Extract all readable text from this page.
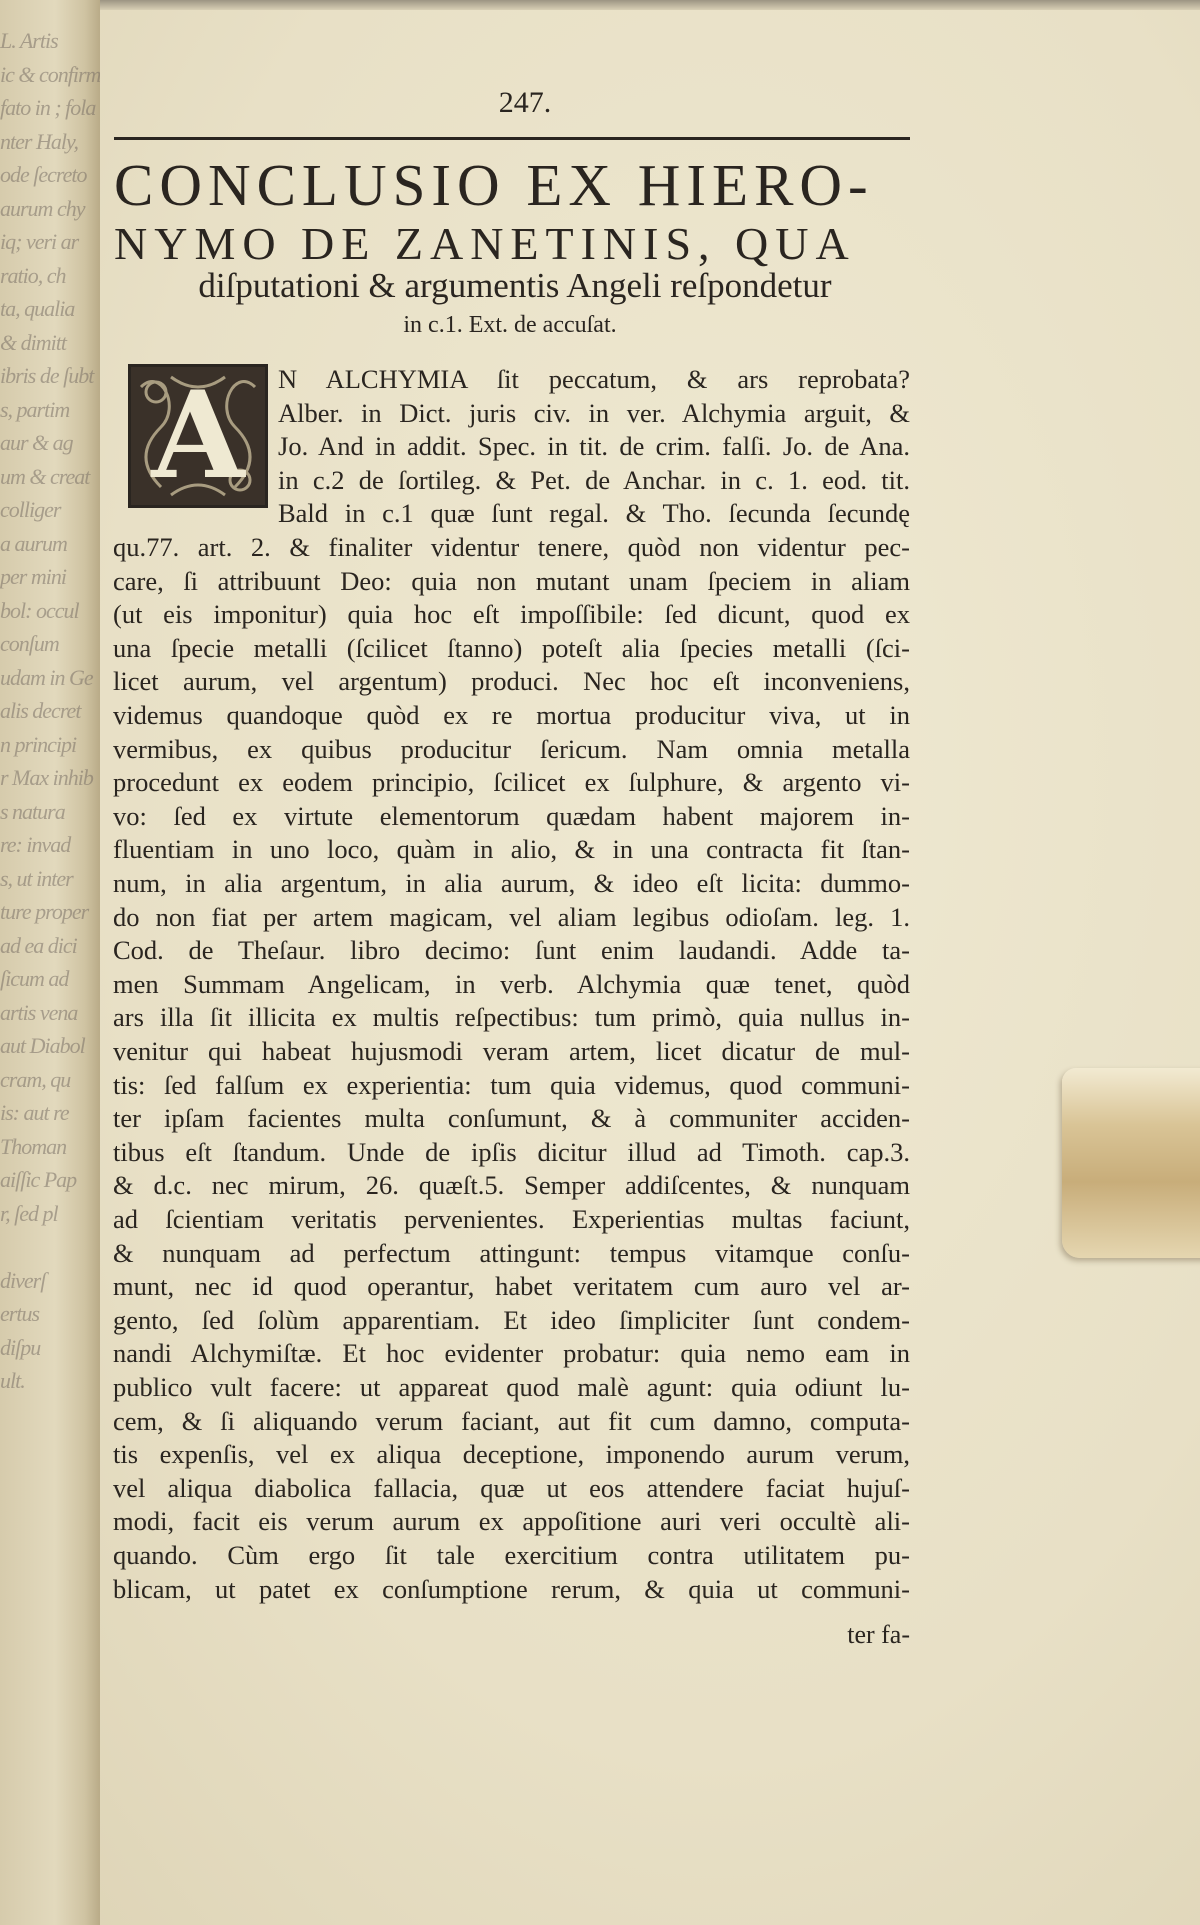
L. Artis
ic & confirm
fato in ; fola
nter Haly,
ode ſecreto
aurum chy
iq; veri ar
ratio, ch
ta, qualia
& dimitt
ibris de ſubt
s, partim
aur & ag
um & creat
colliger
a aurum
per mini
bol: occul
conſum
udam in Ge
alis decret
n principi
r Max inhib
s natura
re: invad
s, ut inter
ture proper
ad ea dici
ſicum ad
artis vena
aut Diabol
cram, qu
is: aut re
Thoman
aiſſic Pap
r, ſed pl
diverſ
ertus
diſpu
ult.
247.
CONCLUSIO EX HIERO-
NYMO DE ZANETINIS, QUA
diſputationi & argumentis Angeli reſpondetur
in c.1. Ext. de accuſat.
A N ALCHYMIA ſit peccatum, & ars reprobata?
Alber. in Dict. juris civ. in ver. Alchymia arguit, &
Jo. And in addit. Spec. in tit. de crim. falſi. Jo. de Ana.
in c.2 de ſortileg. & Pet. de Anchar. in c. 1. eod. tit.
Bald in c.1 quæ ſunt regal. & Tho. ſecunda ſecundę
qu.77. art. 2. & finaliter videntur tenere, quòd non videntur pec-
care, ſi attribuunt Deo: quia non mutant unam ſpeciem in aliam
(ut eis imponitur) quia hoc eſt impoſſibile: ſed dicunt, quod ex
una ſpecie metalli (ſcilicet ſtanno) poteſt alia ſpecies metalli (ſci-
licet aurum, vel argentum) produci. Nec hoc eſt inconveniens,
videmus quandoque quòd ex re mortua producitur viva, ut in
vermibus, ex quibus producitur ſericum. Nam omnia metalla
procedunt ex eodem principio, ſcilicet ex ſulphure, & argento vi-
vo: ſed ex virtute elementorum quædam habent majorem in-
fluentiam in uno loco, quàm in alio, & in una contracta fit ſtan-
num, in alia argentum, in alia aurum, & ideo eſt licita: dummo-
do non fiat per artem magicam, vel aliam legibus odioſam. leg. 1.
Cod. de Theſaur. libro decimo: ſunt enim laudandi. Adde ta-
men Summam Angelicam, in verb. Alchymia quæ tenet, quòd
ars illa ſit illicita ex multis reſpectibus: tum primò, quia nullus in-
venitur qui habeat hujusmodi veram artem, licet dicatur de mul-
tis: ſed falſum ex experientia: tum quia videmus, quod communi-
ter ipſam facientes multa conſumunt, & à communiter acciden-
tibus eſt ſtandum. Unde de ipſis dicitur illud ad Timoth. cap.3.
& d.c. nec mirum, 26. quæſt.5. Semper addiſcentes, & nunquam
ad ſcientiam veritatis pervenientes. Experientias multas faciunt,
& nunquam ad perfectum attingunt: tempus vitamque conſu-
munt, nec id quod operantur, habet veritatem cum auro vel ar-
gento, ſed ſolùm apparentiam. Et ideo ſimpliciter ſunt condem-
nandi Alchymiſtæ. Et hoc evidenter probatur: quia nemo eam in
publico vult facere: ut appareat quod malè agunt: quia odiunt lu-
cem, & ſi aliquando verum faciant, aut fit cum damno, computa-
tis expenſis, vel ex aliqua deceptione, imponendo aurum verum,
vel aliqua diabolica fallacia, quæ ut eos attendere faciat hujuſ-
modi, facit eis verum aurum ex appoſitione auri veri occultè ali-
quando. Cùm ergo ſit tale exercitium contra utilitatem pu-
blicam, ut patet ex conſumptione rerum, & quia ut communi-
ter fa-
